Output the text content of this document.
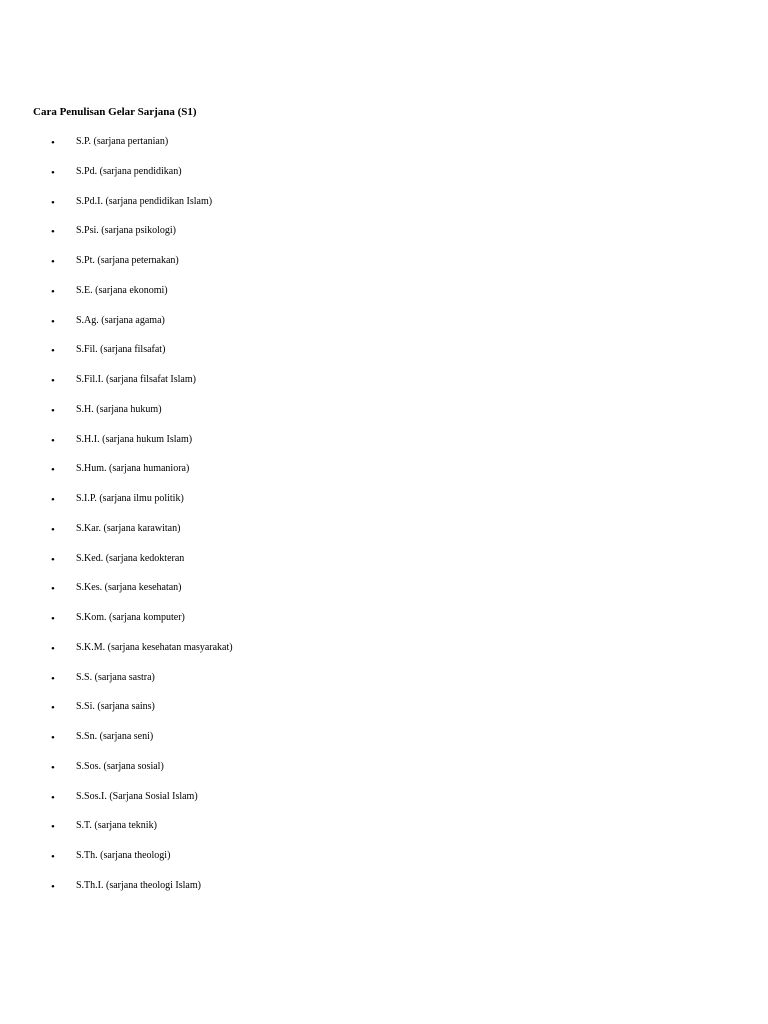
Cara Penulisan Gelar Sarjana (S1)
• S.P. (sarjana pertanian)
• S.Pd. (sarjana pendidikan)
• S.Pd.I. (sarjana pendidikan Islam)
• S.Psi. (sarjana psikologi)
• S.Pt. (sarjana peternakan)
• S.E. (sarjana ekonomi)
• S.Ag. (sarjana agama)
• S.Fil. (sarjana filsafat)
• S.Fil.I. (sarjana filsafat Islam)
• S.H. (sarjana hukum)
• S.H.I. (sarjana hukum Islam)
• S.Hum. (sarjana humaniora)
• S.I.P. (sarjana ilmu politik)
• S.Kar. (sarjana karawitan)
• S.Ked. (sarjana kedokteran
• S.Kes. (sarjana kesehatan)
• S.Kom. (sarjana komputer)
• S.K.M. (sarjana kesehatan masyarakat)
• S.S. (sarjana sastra)
• S.Si. (sarjana sains)
• S.Sn. (sarjana seni)
• S.Sos. (sarjana sosial)
• S.Sos.I. (Sarjana Sosial Islam)
• S.T. (sarjana teknik)
• S.Th. (sarjana theologi)
• S.Th.I. (sarjana theologi Islam)
